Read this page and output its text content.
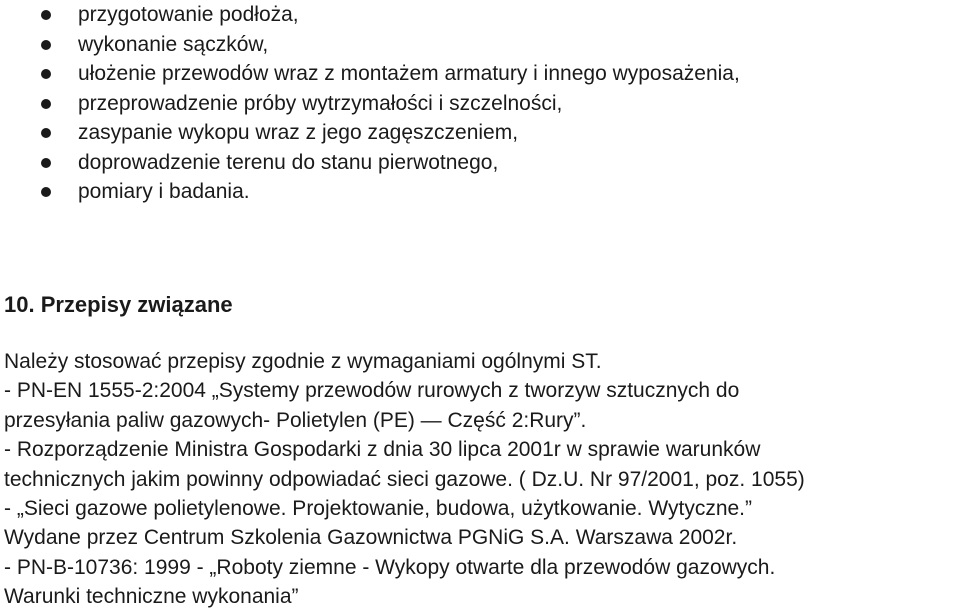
przygotowanie podłoża,
wykonanie sączków,
ułożenie przewodów wraz z montażem armatury i innego wyposażenia,
przeprowadzenie próby wytrzymałości i szczelności,
zasypanie wykopu wraz z jego zagęszczeniem,
doprowadzenie terenu do stanu pierwotnego,
pomiary i badania.
10. Przepisy związane
Należy stosować przepisy zgodnie z wymaganiami ogólnymi ST.
- PN-EN 1555-2:2004 „Systemy przewodów rurowych z tworzyw sztucznych do
przesyłania paliw gazowych- Polietylen (PE) — Część 2:Rury”.
- Rozporządzenie Ministra Gospodarki z dnia 30 lipca 2001r w sprawie warunków
technicznych jakim powinny odpowiadać sieci gazowe. ( Dz.U. Nr 97/2001, poz. 1055)
- „Sieci gazowe polietylenowe. Projektowanie, budowa, użytkowanie. Wytyczne.”
Wydane przez Centrum Szkolenia Gazownictwa PGNiG S.A. Warszawa 2002r.
- PN-B-10736: 1999 - „Roboty ziemne - Wykopy otwarte dla przewodów gazowych.
Warunki techniczne wykonania”
